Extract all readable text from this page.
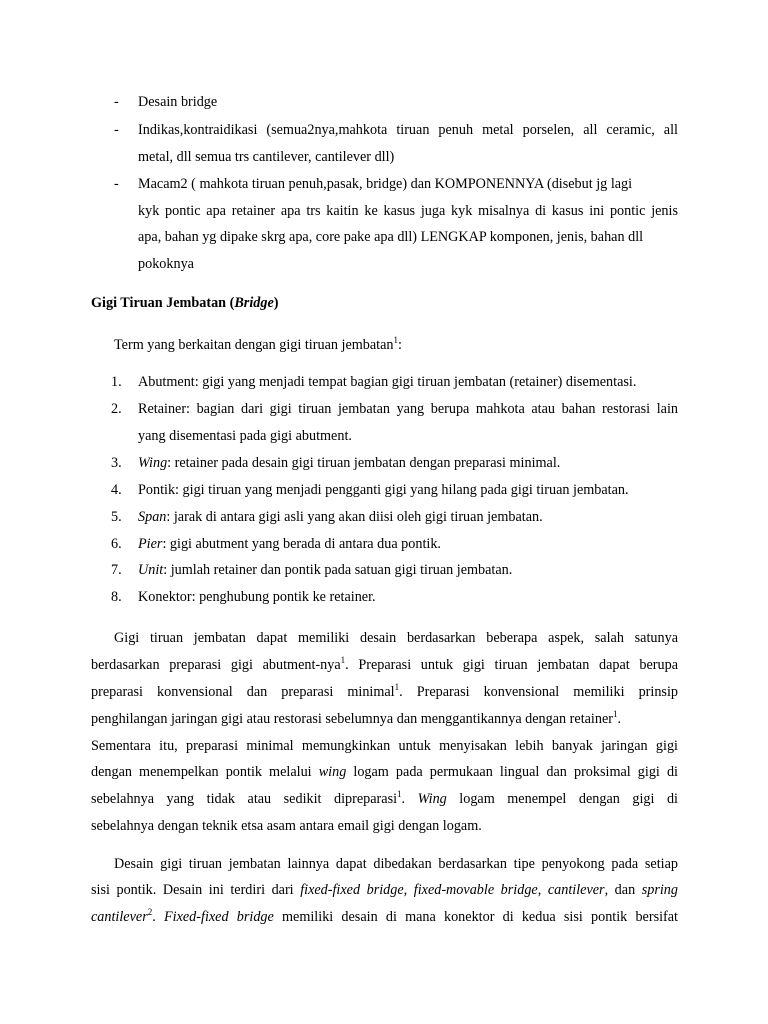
- Desain bridge
- Indikas,kontraidikasi (semua2nya,mahkota tiruan penuh metal porselen, all ceramic, all
metal, dll semua trs cantilever, cantilever dll)
- Macam2 ( mahkota tiruan penuh,pasak, bridge) dan KOMPONENNYA (disebut jg lagi
kyk pontic apa retainer apa trs kaitin ke kasus juga kyk misalnya di kasus ini pontic jenis
apa, bahan yg dipake skrg apa, core pake apa dll) LENGKAP komponen, jenis, bahan dll
pokoknya
Gigi Tiruan Jembatan (Bridge)
Term yang berkaitan dengan gigi tiruan jembatan$^1$:
1. Abutment: gigi yang menjadi tempat bagian gigi tiruan jembatan (retainer) disementasi.
2. Retainer: bagian dari gigi tiruan jembatan yang berupa mahkota atau bahan restorasi lain
yang disementasi pada gigi abutment.
3. Wing: retainer pada desain gigi tiruan jembatan dengan preparasi minimal.
4. Pontik: gigi tiruan yang menjadi pengganti gigi yang hilang pada gigi tiruan jembatan.
5. Span: jarak di antara gigi asli yang akan diisi oleh gigi tiruan jembatan.
6. Pier: gigi abutment yang berada di antara dua pontik.
7. Unit: jumlah retainer dan pontik pada satuan gigi tiruan jembatan.
8. Konektor: penghubung pontik ke retainer.
Gigi tiruan jembatan dapat memiliki desain berdasarkan beberapa aspek, salah satunya
berdasarkan preparasi gigi abutment-nya$^1$. Preparasi untuk gigi tiruan jembatan dapat berupa
preparasi konvensional dan preparasi minimal$^1$. Preparasi konvensional memiliki prinsip
penghilangan jaringan gigi atau restorasi sebelumnya dan menggantikannya dengan retainer$^1$.
Sementara itu, preparasi minimal memungkinkan untuk menyisakan lebih banyak jaringan gigi
dengan menempelkan pontik melalui wing logam pada permukaan lingual dan proksimal gigi di
sebelahnya yang tidak atau sedikit dipreparasi$^1$. Wing logam menempel dengan gigi di
sebelahnya dengan teknik etsa asam antara email gigi dengan logam.
Desain gigi tiruan jembatan lainnya dapat dibedakan berdasarkan tipe penyokong pada setiap
sisi pontik. Desain ini terdiri dari fixed-fixed bridge, fixed-movable bridge, cantilever, dan spring
cantilever$^2$. Fixed-fixed bridge memiliki desain di mana konektor di kedua sisi pontik bersifat
